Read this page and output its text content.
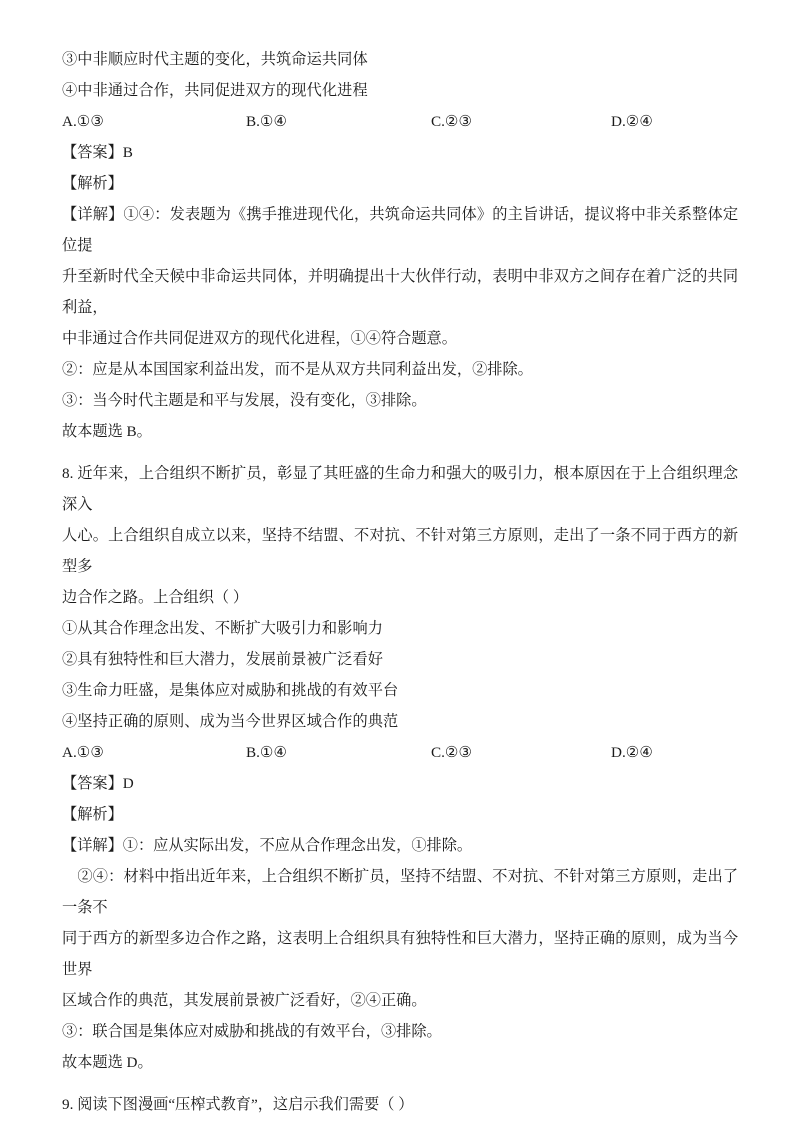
③中非顺应时代主题的变化，共筑命运共同体
④中非通过合作，共同促进双方的现代化进程
A.①③	B.①④	C.②③	D.②④
【答案】B
【解析】
【详解】①④：发表题为《携手推进现代化，共筑命运共同体》的主旨讲话，提议将中非关系整体定位提
升至新时代全天候中非命运共同体，并明确提出十大伙伴行动，表明中非双方之间存在着广泛的共同利益，
中非通过合作共同促进双方的现代化进程，①④符合题意。
②：应是从本国国家利益出发，而不是从双方共同利益出发，②排除。
③：当今时代主题是和平与发展，没有变化，③排除。
故本题选 B。
8. 近年来，上合组织不断扩员，彰显了其旺盛的生命力和强大的吸引力，根本原因在于上合组织理念深入
人心。上合组织自成立以来，坚持不结盟、不对抗、不针对第三方原则，走出了一条不同于西方的新型多
边合作之路。上合组织（ ）
①从其合作理念出发、不断扩大吸引力和影响力
②具有独特性和巨大潜力，发展前景被广泛看好
③生命力旺盛，是集体应对威胁和挑战的有效平台
④坚持正确的原则、成为当今世界区域合作的典范
A.①③	B.①④	C.②③	D.②④
【答案】D
【解析】
【详解】①：应从实际出发，不应从合作理念出发，①排除。
　②④：材料中指出近年来，上合组织不断扩员，坚持不结盟、不对抗、不针对第三方原则，走出了一条不
同于西方的新型多边合作之路，这表明上合组织具有独特性和巨大潜力，坚持正确的原则，成为当今世界
区域合作的典范，其发展前景被广泛看好，②④正确。
③：联合国是集体应对威胁和挑战的有效平台，③排除。
故本题选 D。
9. 阅读下图漫画“压榨式教育”，这启示我们需要（ ）
